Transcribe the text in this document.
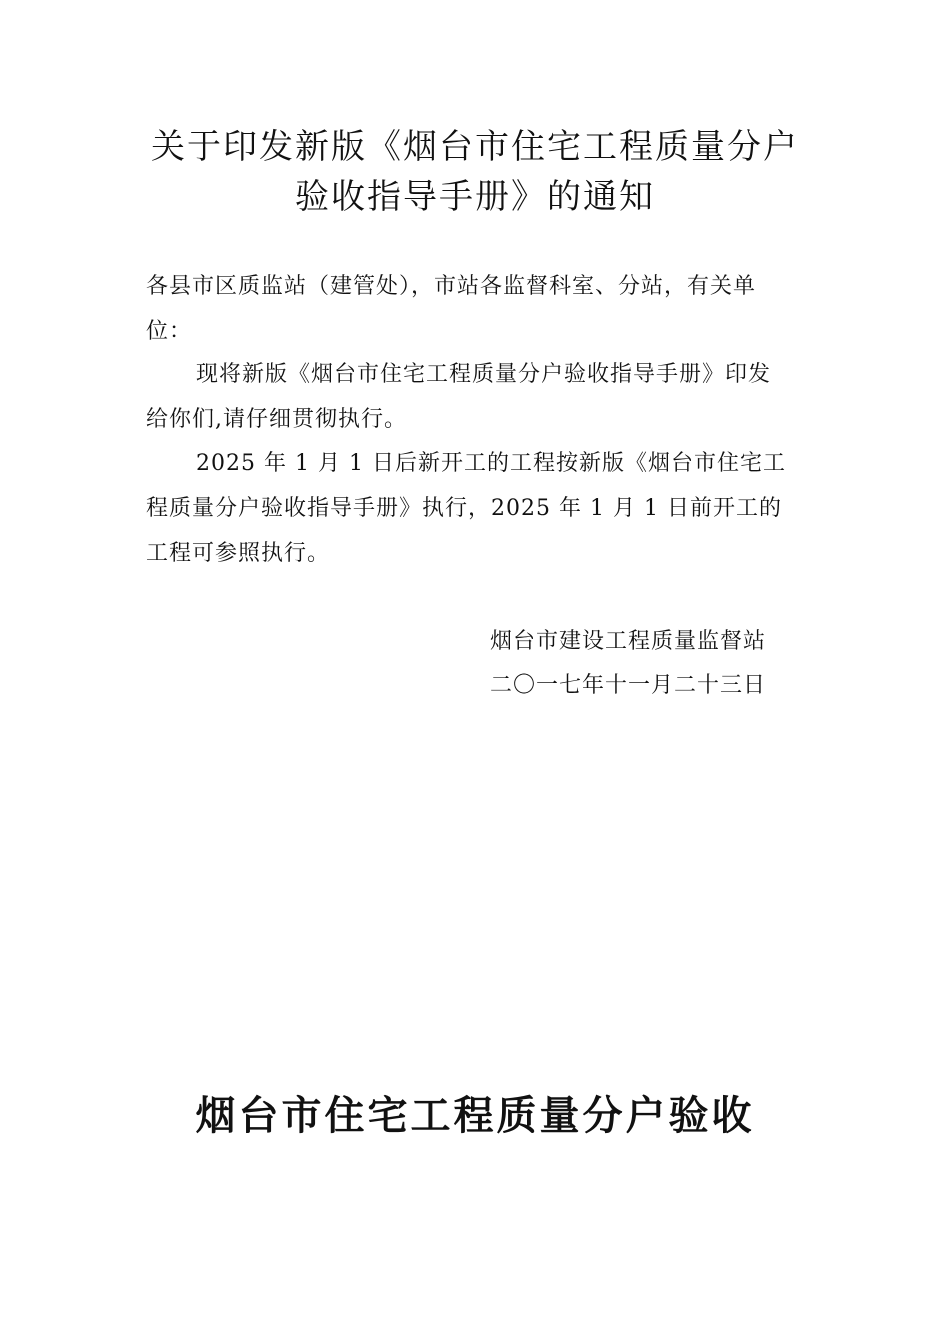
关于印发新版《烟台市住宅工程质量分户
验收指导手册》的通知
各县市区质监站（建管处），市站各监督科室、分站，有关单位：
现将新版《烟台市住宅工程质量分户验收指导手册》印发给你们,请仔细贯彻执行。
2025 年 1 月 1 日后新开工的工程按新版《烟台市住宅工程质量分户验收指导手册》执行，2025 年 1 月 1 日前开工的工程可参照执行。
烟台市建设工程质量监督站
二〇一七年十一月二十三日
烟台市住宅工程质量分户验收
